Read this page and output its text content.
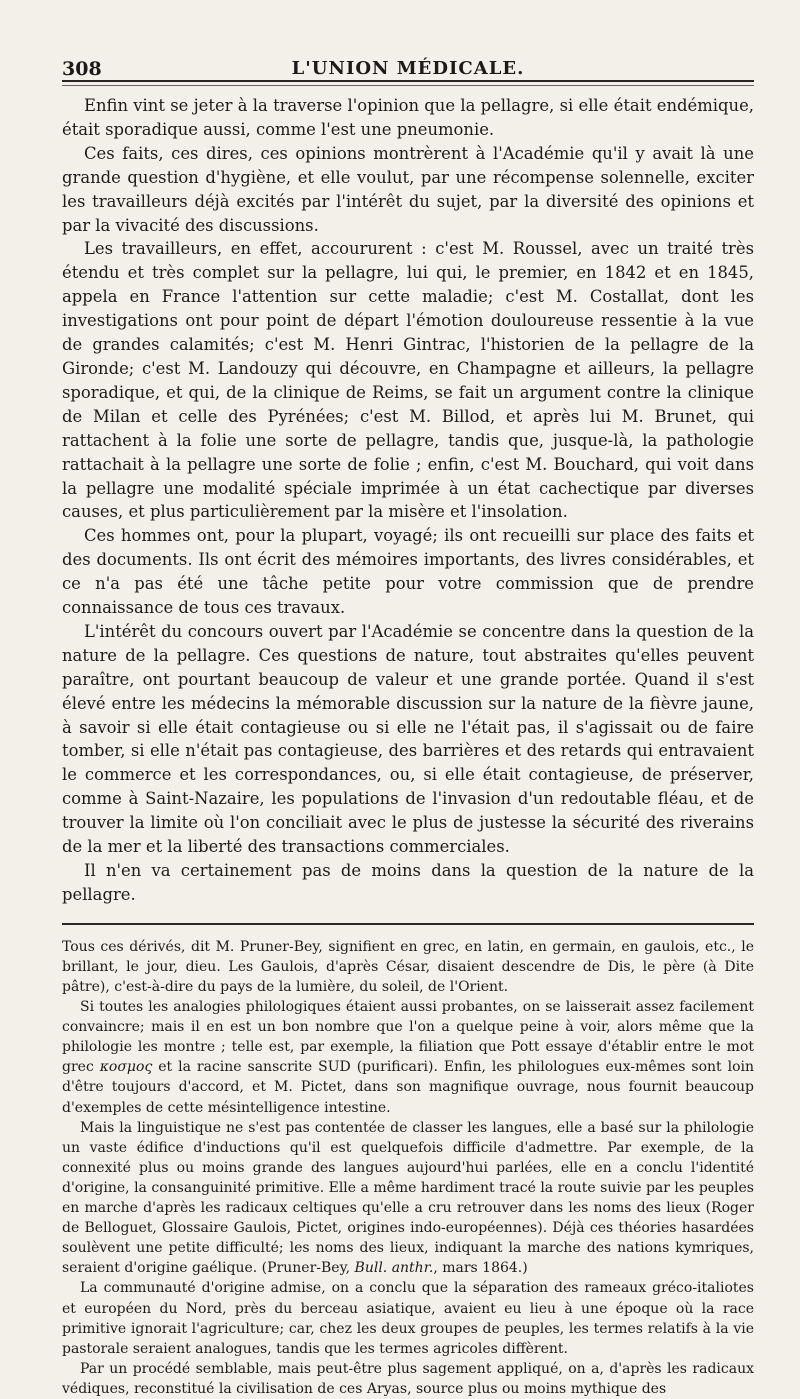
308	L'UNION MÉDICALE.

Enfin vint se jeter à la traverse l'opinion que la pellagre, si elle était endémique, était sporadique aussi, comme l'est une pneumonie.

Ces faits, ces dires, ces opinions montrèrent à l'Académie qu'il y avait là une grande question d'hygiène, et elle voulut, par une récompense solennelle, exciter les travailleurs déjà excités par l'intérêt du sujet, par la diversité des opinions et par la vivacité des discussions.

Les travailleurs, en effet, accoururent : c'est M. Roussel, avec un traité très étendu et très complet sur la pellagre, lui qui, le premier, en 1842 et en 1845, appela en France l'attention sur cette maladie; c'est M. Costallat, dont les investigations ont pour point de départ l'émotion douloureuse ressentie à la vue de grandes calamités; c'est M. Henri Gintrac, l'historien de la pellagre de la Gironde; c'est M. Landouzy qui découvre, en Champagne et ailleurs, la pellagre sporadique, et qui, de la clinique de Reims, se fait un argument contre la clinique de Milan et celle des Pyrénées; c'est M. Billod, et après lui M. Brunet, qui rattachent à la folie une sorte de pellagre, tandis que, jusque-là, la pathologie rattachait à la pellagre une sorte de folie ; enfin, c'est M. Bouchard, qui voit dans la pellagre une modalité spéciale imprimée à un état cachectique par diverses causes, et plus particulièrement par la misère et l'insolation.

Ces hommes ont, pour la plupart, voyagé; ils ont recueilli sur place des faits et des documents. Ils ont écrit des mémoires importants, des livres considérables, et ce n'a pas été une tâche petite pour votre commission que de prendre connaissance de tous ces travaux.

L'intérêt du concours ouvert par l'Académie se concentre dans la question de la nature de la pellagre. Ces questions de nature, tout abstraites qu'elles peuvent paraître, ont pourtant beaucoup de valeur et une grande portée. Quand il s'est élevé entre les médecins la mémorable discussion sur la nature de la fièvre jaune, à savoir si elle était contagieuse ou si elle ne l'était pas, il s'agissait ou de faire tomber, si elle n'était pas contagieuse, des barrières et des retards qui entravaient le commerce et les correspondances, ou, si elle était contagieuse, de préserver, comme à Saint-Nazaire, les populations de l'invasion d'un redoutable fléau, et de trouver la limite où l'on conciliait avec le plus de justesse la sécurité des riverains de la mer et la liberté des transactions commerciales.

Il n'en va certainement pas de moins dans la question de la nature de la pellagre.

Tous ces dérivés, dit M. Pruner-Bey, signifient en grec, en latin, en germain, en gaulois, etc., le brillant, le jour, dieu. Les Gaulois, d'après César, disaient descendre de Dis, le père (à Dite pâtre), c'est-à-dire du pays de la lumière, du soleil, de l'Orient.

Si toutes les analogies philologiques étaient aussi probantes, on se laisserait assez facilement convaincre; mais il en est un bon nombre que l'on a quelque peine à voir, alors même que la philologie les montre ; telle est, par exemple, la filiation que Pott essaye d'établir entre le mot grec κοσμος et la racine sanscrite SUD (purificari). Enfin, les philologues eux-mêmes sont loin d'être toujours d'accord, et M. Pictet, dans son magnifique ouvrage, nous fournit beaucoup d'exemples de cette mésintelligence intestine.

Mais la linguistique ne s'est pas contentée de classer les langues, elle a basé sur la philologie un vaste édifice d'inductions qu'il est quelquefois difficile d'admettre. Par exemple, de la connexité plus ou moins grande des langues aujourd'hui parlées, elle en a conclu l'identité d'origine, la consanguinité primitive. Elle a même hardiment tracé la route suivie par les peuples en marche d'après les radicaux celtiques qu'elle a cru retrouver dans les noms des lieux (Roger de Belloguet, Glossaire Gaulois, Pictet, origines indo-européennes). Déjà ces théories hasardées soulèvent une petite difficulté; les noms des lieux, indiquant la marche des nations kymriques, seraient d'origine gaélique. (Pruner-Bey, Bull. anthr., mars 1864.)

La communauté d'origine admise, on a conclu que la séparation des rameaux gréco-italiotes et européen du Nord, près du berceau asiatique, avaient eu lieu à une époque où la race primitive ignorait l'agriculture; car, chez les deux groupes de peuples, les termes relatifs à la vie pastorale seraient analogues, tandis que les termes agricoles diffèrent.

Par un procédé semblable, mais peut-être plus sagement appliqué, on a, d'après les radicaux védiques, reconstitué la civilisation de ces Aryas, source plus ou moins mythique des
